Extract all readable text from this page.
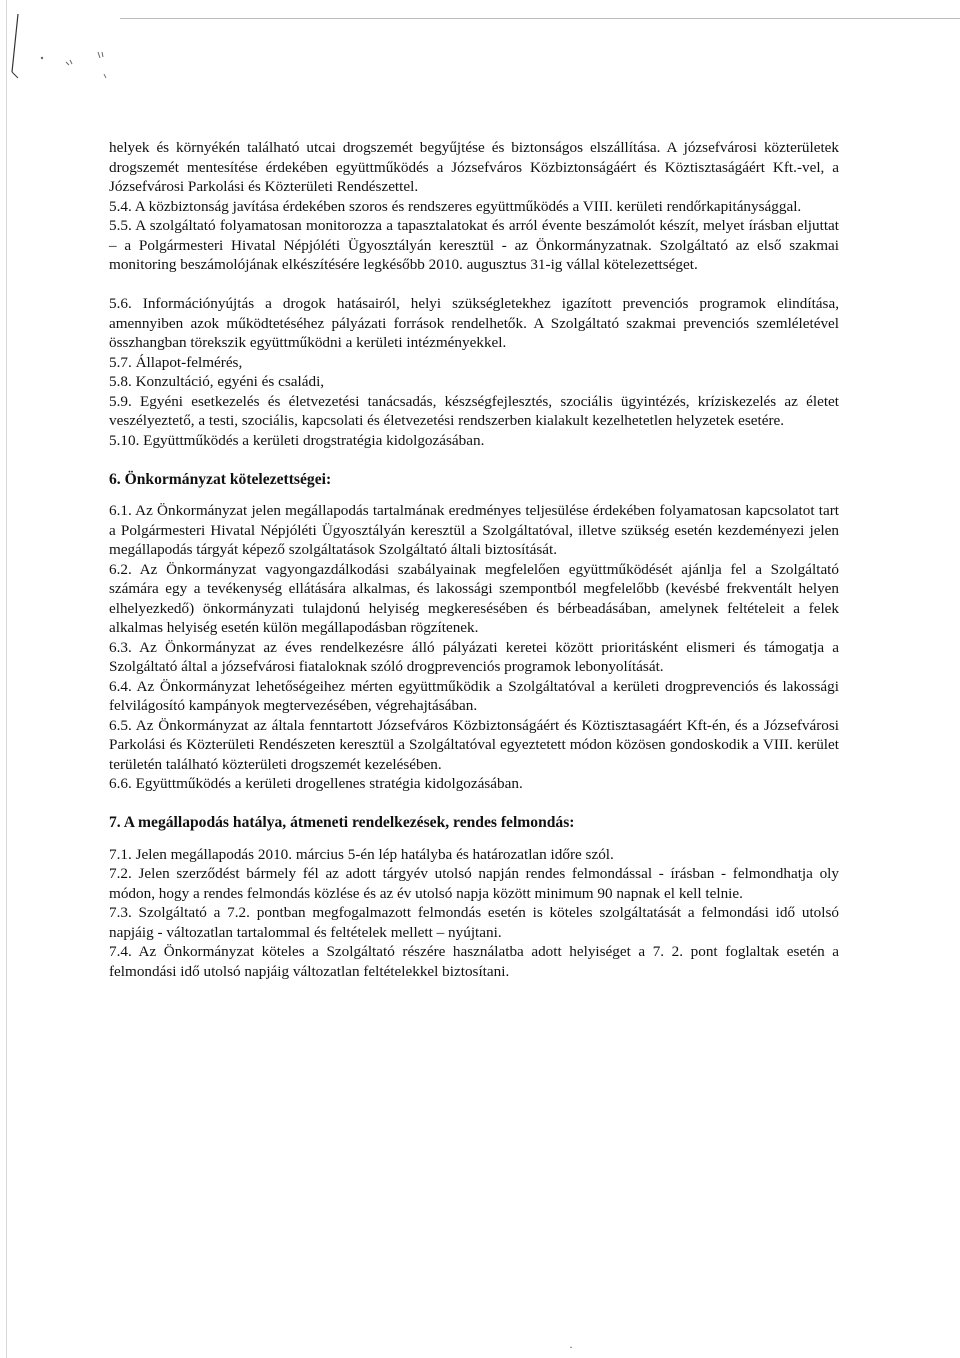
helyek és környékén található utcai drogszemét begyűjtése és biztonságos elszállítása. A józsefvárosi közterületek drogszemét mentesítése érdekében együttműködés a Józsefváros Közbiztonságáért és Köztisztaságáért Kft.-vel, a Józsefvárosi Parkolási és Közterületi Rendészettel.

5.4. A közbiztonság javítása érdekében szoros és rendszeres együttműködés a VIII. kerületi rendőrkapitánysággal.

5.5. A szolgáltató folyamatosan monitorozza a tapasztalatokat és arról évente beszámolót készít, melyet írásban eljuttat – a Polgármesteri Hivatal Népjóléti Ügyosztályán keresztül - az Önkormányzatnak. Szolgáltató az első szakmai monitoring beszámolójának elkészítésére legkésőbb 2010. augusztus 31-ig vállal kötelezettséget.

5.6. Információnyújtás a drogok hatásairól, helyi szükségletekhez igazított prevenciós programok elindítása, amennyiben azok működtetéséhez pályázati források rendelhetők. A Szolgáltató szakmai prevenciós szemléletével összhangban törekszik együttműködni a kerületi intézményekkel.

5.7. Állapot-felmérés,

5.8. Konzultáció, egyéni és családi,

5.9. Egyéni esetkezelés és életvezetési tanácsadás, készségfejlesztés, szociális ügyintézés, kríziskezelés az életet veszélyeztető, a testi, szociális, kapcsolati és életvezetési rendszerben kialakult kezelhetetlen helyzetek esetére.

5.10. Együttműködés a kerületi drogstratégia kidolgozásában.

6. Önkormányzat kötelezettségei:

6.1. Az Önkormányzat jelen megállapodás tartalmának eredményes teljesülése érdekében folyamatosan kapcsolatot tart a Polgármesteri Hivatal Népjóléti Ügyosztályán keresztül a Szolgáltatóval, illetve szükség esetén kezdeményezi jelen megállapodás tárgyát képező szolgáltatások Szolgáltató általi biztosítását.

6.2. Az Önkormányzat vagyongazdálkodási szabályainak megfelelően együttműködését ajánlja fel a Szolgáltató számára egy a tevékenység ellátására alkalmas, és lakossági szempontból megfelelőbb (kevésbé frekventált helyen elhelyezkedő) önkormányzati tulajdonú helyiség megkeresésében és bérbeadásában, amelynek feltételeit a felek alkalmas helyiség esetén külön megállapodásban rögzítenek.

6.3. Az Önkormányzat az éves rendelkezésre álló pályázati keretei között prioritásként elismeri és támogatja a Szolgáltató által a józsefvárosi fiataloknak szóló drogprevenciós programok lebonyolítását.

6.4. Az Önkormányzat lehetőségeihez mérten együttműködik a Szolgáltatóval a kerületi drogprevenciós és lakossági felvilágosító kampányok megtervezésében, végrehajtásában.

6.5. Az Önkormányzat az általa fenntartott Józsefváros Közbiztonságáért és Köztisztasagáért Kft-én, és a Józsefvárosi Parkolási és Közterületi Rendészeten keresztül a Szolgáltatóval egyeztetett módon közösen gondoskodik a VIII. kerület területén található közterületi drogszemét kezelésében.

6.6. Együttműködés a kerületi drogellenes stratégia kidolgozásában.

7. A megállapodás hatálya, átmeneti rendelkezések, rendes felmondás:

7.1. Jelen megállapodás 2010. március 5-én lép hatályba és határozatlan időre szól.

7.2. Jelen szerződést bármely fél az adott tárgyév utolsó napján rendes felmondással - írásban - felmondhatja oly módon, hogy a rendes felmondás közlése és az év utolsó napja között minimum 90 napnak el kell telnie.

7.3. Szolgáltató a 7.2. pontban megfogalmazott felmondás esetén is köteles szolgáltatását a felmondási idő utolsó napjáig - változatlan tartalommal és feltételek mellett – nyújtani.

7.4. Az Önkormányzat köteles a Szolgáltató részére használatba adott helyiséget a 7. 2. pont foglaltak esetén a felmondási idő utolsó napjáig változatlan feltételekkel biztosítani.

·
